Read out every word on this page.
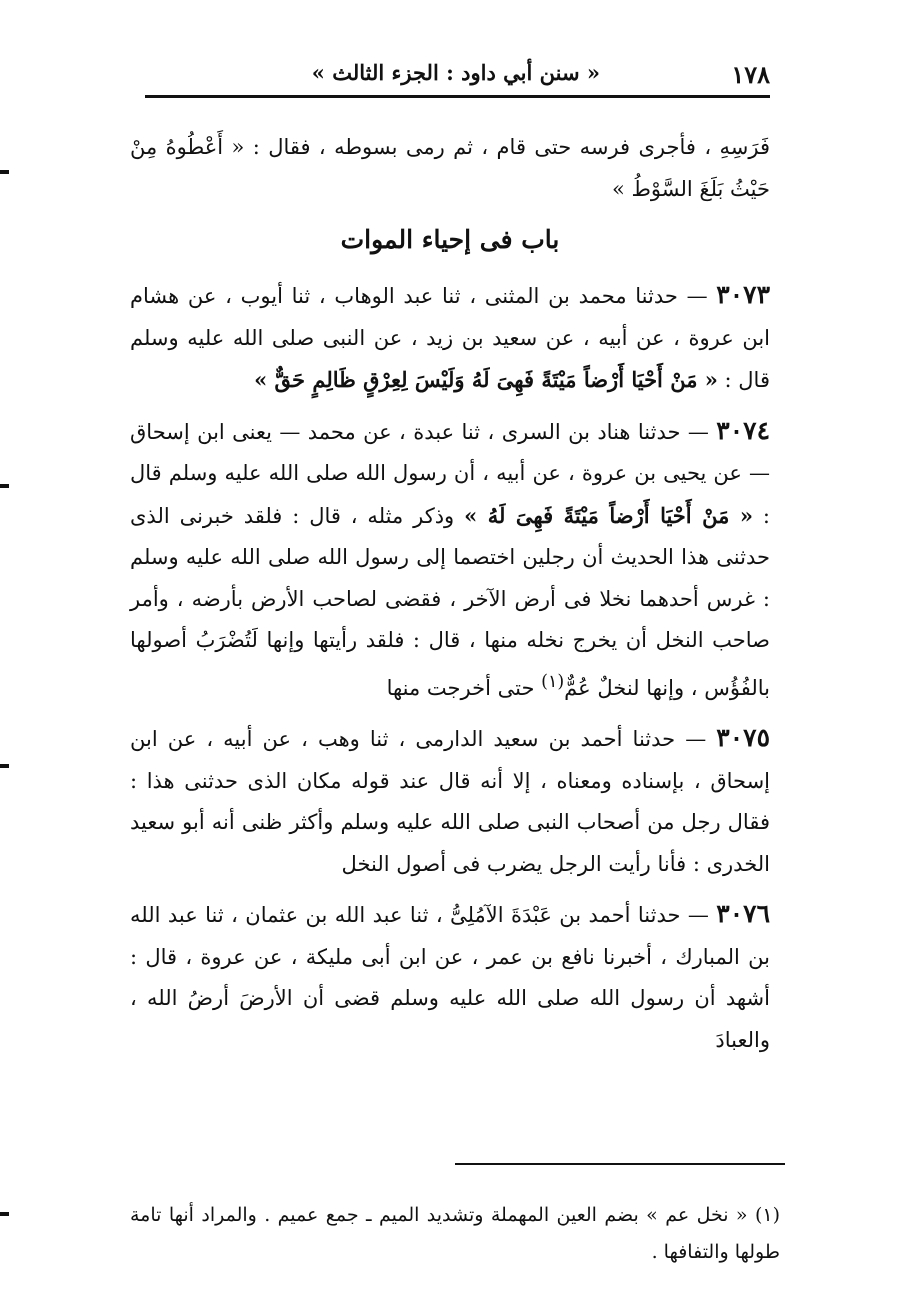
١٧٨
« سنن أبي داود : الجزء الثالث »

فَرَسِهِ ، فأجرى فرسه حتى قام ، ثم رمى بسوطه ، فقال : « أَعْطُوهُ مِنْ حَيْثُ بَلَغَ السَّوْطُ »

باب فى إحياء الموات

٣٠٧٣ — حدثنا محمد بن المثنى ، ثنا عبد الوهاب ، ثنا أيوب ، عن هشام ابن عروة ، عن أبيه ، عن سعيد بن زيد ، عن النبى صلى الله عليه وسلم قال : « مَنْ أَحْيَا أَرْضاً مَيْتَةً فَهِىَ لَهُ وَلَيْسَ لِعِرْقٍ ظَالِمٍ حَقٌّ »

٣٠٧٤ — حدثنا هناد بن السرى ، ثنا عبدة ، عن محمد — يعنى ابن إسحاق — عن يحيى بن عروة ، عن أبيه ، أن رسول الله صلى الله عليه وسلم قال : « مَنْ أَحْيَا أَرْضاً مَيْتَةً فَهِىَ لَهُ » وذكر مثله ، قال : فلقد خبرنى الذى حدثنى هذا الحديث أن رجلين اختصما إلى رسول الله صلى الله عليه وسلم : غرس أحدهما نخلا فى أرض الآخر ، فقضى لصاحب الأرض بأرضه ، وأمر صاحب النخل أن يخرج نخله منها ، قال : فلقد رأيتها وإنها لَتُضْرَبُ أصولها بالفُؤُس ، وإنها لنخلٌ عُمٌّ$^{(١)}$ حتى أخرجت منها

٣٠٧٥ — حدثنا أحمد بن سعيد الدارمى ، ثنا وهب ، عن أبيه ، عن ابن إسحاق ، بإسناده ومعناه ، إلا أنه قال عند قوله مكان الذى حدثنى هذا : فقال رجل من أصحاب النبى صلى الله عليه وسلم وأكثر ظنى أنه أبو سعيد الخدرى : فأنا رأيت الرجل يضرب فى أصول النخل

٣٠٧٦ — حدثنا أحمد بن عَبْدَةَ الآمُلِىُّ ، ثنا عبد الله بن عثمان ، ثنا عبد الله بن المبارك ، أخبرنا نافع بن عمر ، عن ابن أبى مليكة ، عن عروة ، قال : أشهد أن رسول الله صلى الله عليه وسلم قضى أن الأرضَ أرضُ الله ، والعبادَ

(١) « نخل عم » بضم العين المهملة وتشديد الميم ـ جمع عميم . والمراد أنها تامة طولها والتفافها .
